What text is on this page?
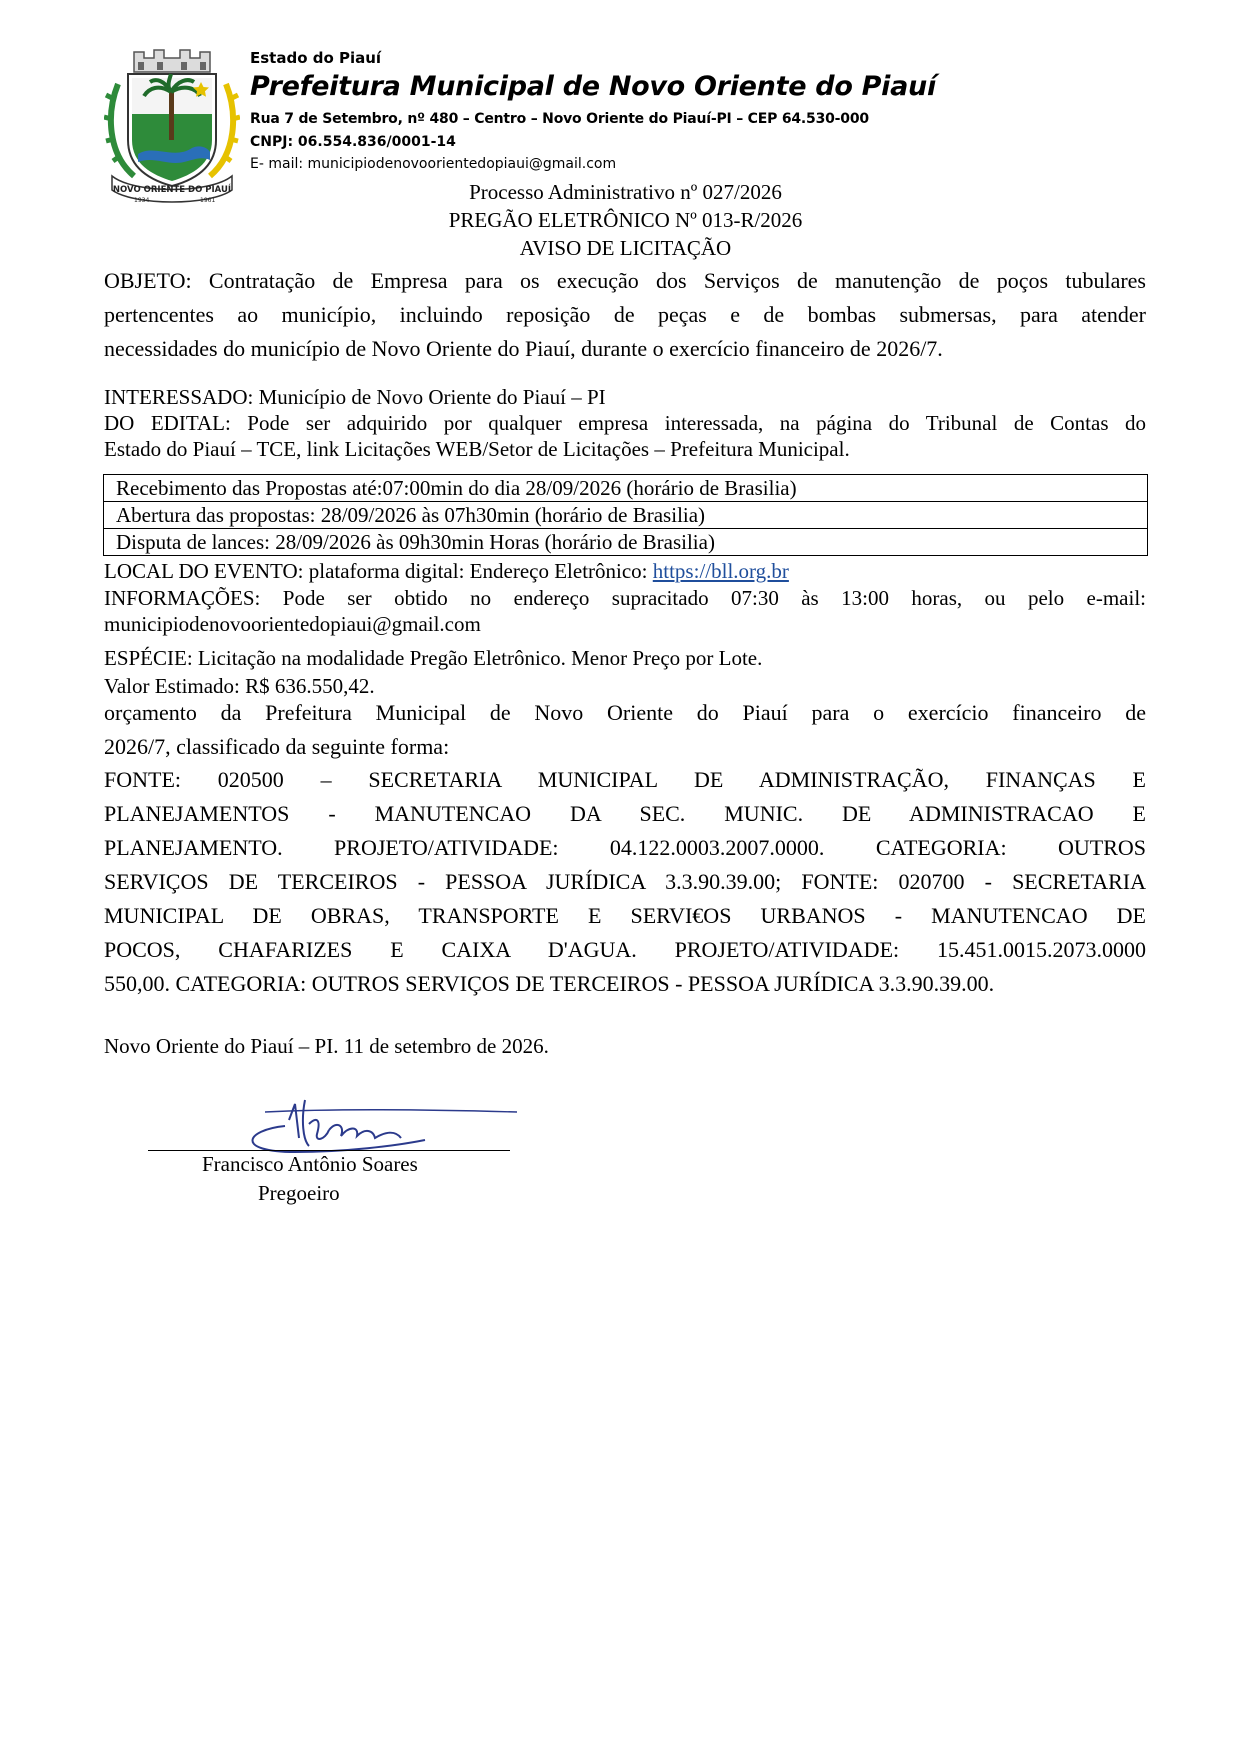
NOVO ORIENTE DO PIAUÍ
1934	1961
Estado do Piauí
Prefeitura Municipal de Novo Oriente do Piauí
Rua 7 de Setembro, nº 480 – Centro – Novo Oriente do Piauí-PI – CEP 64.530-000
CNPJ: 06.554.836/0001-14
E- mail: municipiodenovoorientedopiaui@gmail.com
Processo Administrativo nº 027/2026
PREGÃO ELETRÔNICO Nº 013-R/2026
AVISO DE LICITAÇÃO
OBJETO: Contratação de Empresa para os execução dos Serviços de manutenção de poços tubulares
pertencentes ao município, incluindo reposição de peças e de bombas submersas, para atender
necessidades do município de Novo Oriente do Piauí, durante o exercício financeiro de 2026/7.
INTERESSADO: Município de Novo Oriente do Piauí – PI
DO EDITAL: Pode ser adquirido por qualquer empresa interessada, na página do Tribunal de Contas do
Estado do Piauí – TCE, link Licitações WEB/Setor de Licitações – Prefeitura Municipal.
Recebimento das Propostas até:07:00min do dia 28/09/2026 (horário de Brasilia)
Abertura das propostas: 28/09/2026 às 07h30min (horário de Brasilia)
Disputa de lances: 28/09/2026 às 09h30min Horas (horário de Brasilia)
LOCAL DO EVENTO: plataforma digital: Endereço Eletrônico: https://bll.org.br
INFORMAÇÕES: Pode ser obtido no endereço supracitado 07:30 às 13:00 horas, ou pelo e-mail:
municipiodenovoorientedopiaui@gmail.com
ESPÉCIE: Licitação na modalidade Pregão Eletrônico. Menor Preço por Lote.
Valor Estimado: R$ 636.550,42.
orçamento da Prefeitura Municipal de Novo Oriente do Piauí para o exercício financeiro de
2026/7, classificado da seguinte forma:
FONTE: 020500 – SECRETARIA MUNICIPAL DE ADMINISTRAÇÃO, FINANÇAS E
PLANEJAMENTOS - MANUTENCAO DA SEC. MUNIC. DE ADMINISTRACAO E
PLANEJAMENTO. PROJETO/ATIVIDADE: 04.122.0003.2007.0000. CATEGORIA: OUTROS
SERVIÇOS DE TERCEIROS - PESSOA JURÍDICA 3.3.90.39.00; FONTE: 020700 - SECRETARIA
MUNICIPAL DE OBRAS, TRANSPORTE E SERVI€OS URBANOS - MANUTENCAO DE
POCOS, CHAFARIZES E CAIXA D'AGUA. PROJETO/ATIVIDADE: 15.451.0015.2073.0000
550,00. CATEGORIA: OUTROS SERVIÇOS DE TERCEIROS - PESSOA JURÍDICA 3.3.90.39.00.
Novo Oriente do Piauí – PI. 11 de setembro de 2026.
Francisco Antônio Soares
Pregoeiro
